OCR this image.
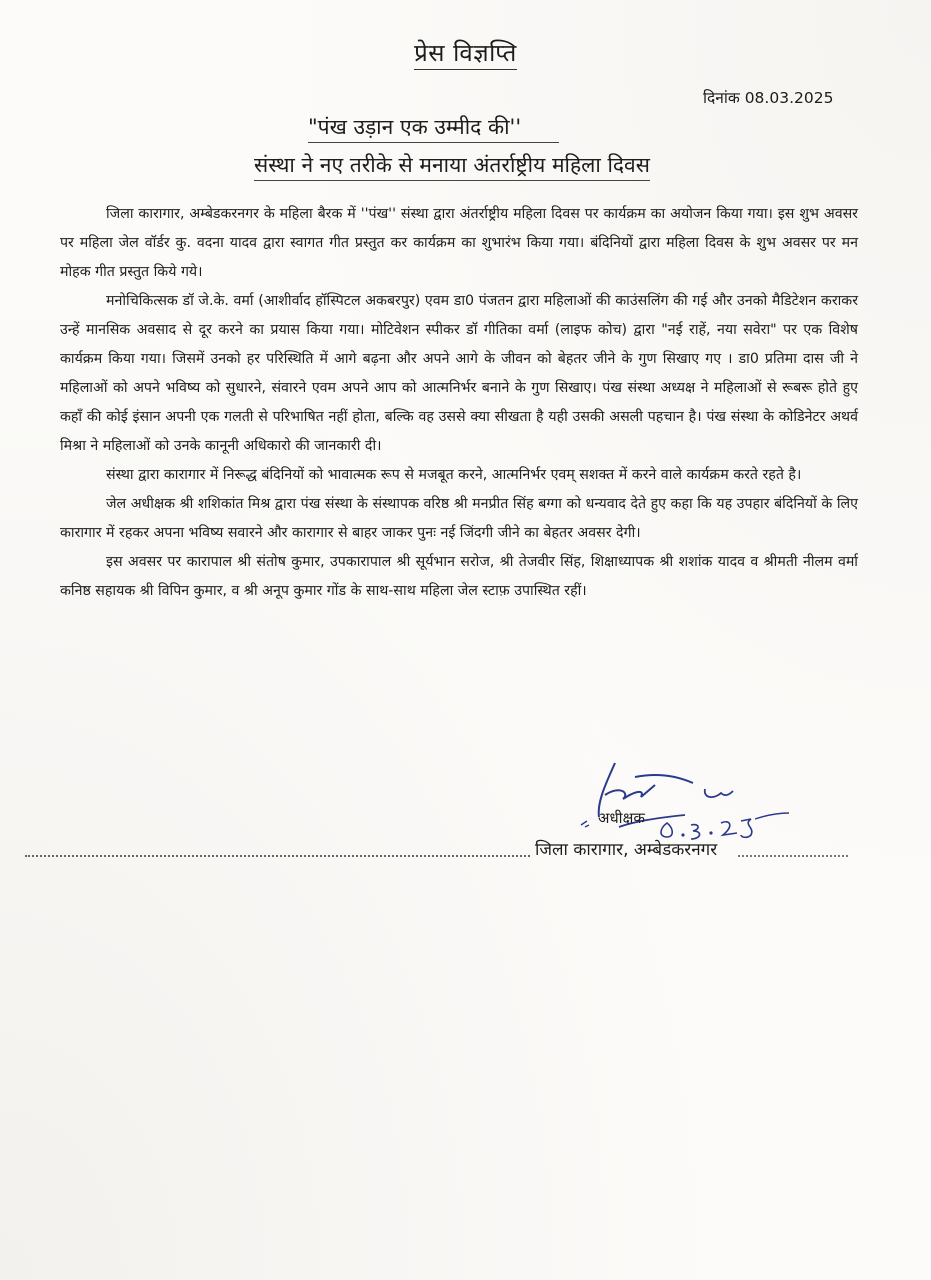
प्रेस विज्ञप्ति
दिनांक 08.03.2025
"पंख उड़ान एक उम्मीद की''
संस्था ने नए तरीके से मनाया अंतर्राष्ट्रीय महिला दिवस

जिला कारागार, अम्बेडकरनगर के महिला बैरक में ''पंख'' संस्था द्वारा अंतर्राष्ट्रीय महिला दिवस पर कार्यक्रम का अयोजन किया गया। इस शुभ अवसर पर महिला जेल वॉर्डर कु. वदना यादव द्वारा स्वागत गीत प्रस्तुत कर कार्यक्रम का शुभारंभ किया गया। बंदिनियों द्वारा महिला दिवस के शुभ अवसर पर मन मोहक गीत प्रस्तुत किये गये।

मनोचिकित्सक डॉ जे.के. वर्मा (आशीर्वाद हॉस्पिटल अकबरपुर) एवम डा0 पंजतन द्वारा महिलाओं की काउंसलिंग की गई और उनको मैडिटेशन कराकर उन्हें मानसिक अवसाद से दूर करने का प्रयास किया गया। मोटिवेशन स्पीकर डॉ गीतिका वर्मा (लाइफ कोच) द्वारा "नई राहें, नया सवेरा" पर एक विशेष कार्यक्रम किया गया। जिसमें उनको हर परिस्थिति में आगे बढ़ना और अपने आगे के जीवन को बेहतर जीने के गुण सिखाए गए । डा0 प्रतिमा दास जी ने महिलाओं को अपने भविष्य को सुधारने, संवारने एवम अपने आप को आत्मनिर्भर बनाने के गुण सिखाए। पंख संस्था अध्यक्ष ने महिलाओं से रूबरू होते हुए कहाँ की कोई इंसान अपनी एक गलती से परिभाषित नहीं होता, बल्कि वह उससे क्या सीखता है यही उसकी असली पहचान है। पंख संस्था के कोडिनेटर अथर्व मिश्रा ने महिलाओं को उनके कानूनी अधिकारो की जानकारी दी।

संस्था द्वारा कारागार में निरूद्ध बंदिनियों को भावात्मक रूप से मजबूत करने, आत्मनिर्भर एवम् सशक्त में करने वाले कार्यक्रम करते रहते है।

जेल अधीक्षक श्री शशिकांत मिश्र द्वारा पंख संस्था के संस्थापक वरिष्ठ श्री मनप्रीत सिंह बग्गा को धन्यवाद देते हुए कहा कि यह उपहार बंदिनियों के लिए कारागार में रहकर अपना भविष्य सवारने और कारागार से बाहर जाकर पुनः नई जिंदगी जीने का बेहतर अवसर देगी।

इस अवसर पर कारापाल श्री संतोष कुमार, उपकारापाल श्री सूर्यभान सरोज, श्री तेजवीर सिंह, शिक्षाध्यापक श्री शशांक यादव व श्रीमती नीलम वर्मा कनिष्ठ सहायक श्री विपिन कुमार, व श्री अनूप कुमार गोंड के साथ-साथ महिला जेल स्टाफ़ उपास्थित रहीं।

अधीक्षक
जिला कारागार, अम्बेडकरनगर
